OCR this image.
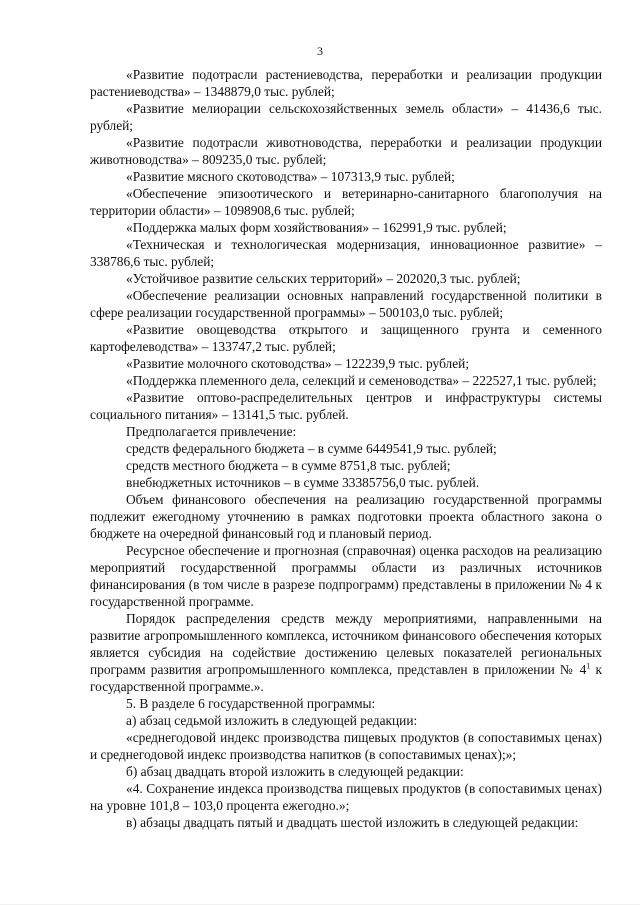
3

«Развитие подотрасли растениеводства, переработки и реализации продукции растениеводства» – 1348879,0 тыс. рублей;

«Развитие мелиорации сельскохозяйственных земель области» – 41436,6 тыс. рублей;

«Развитие подотрасли животноводства, переработки и реализации продукции животноводства» – 809235,0 тыс. рублей;

«Развитие мясного скотоводства» – 107313,9 тыс. рублей;

«Обеспечение эпизоотического и ветеринарно-санитарного благополучия на территории области» – 1098908,6 тыс. рублей;

«Поддержка малых форм хозяйствования» – 162991,9 тыс. рублей;

«Техническая и технологическая модернизация, инновационное развитие» – 338786,6 тыс. рублей;

«Устойчивое развитие сельских территорий» – 202020,3 тыс. рублей;

«Обеспечение реализации основных направлений государственной политики в сфере реализации государственной программы» – 500103,0 тыс. рублей;

«Развитие овощеводства открытого и защищенного грунта и семенного картофелеводства» – 133747,2 тыс. рублей;

«Развитие молочного скотоводства» – 122239,9 тыс. рублей;

«Поддержка племенного дела, селекций и семеноводства» – 222527,1 тыс. рублей;

«Развитие оптово-распределительных центров и инфраструктуры системы социального питания» – 13141,5 тыс. рублей.

Предполагается привлечение:

средств федерального бюджета – в сумме 6449541,9 тыс. рублей;

средств местного бюджета – в сумме 8751,8 тыс. рублей;

внебюджетных источников – в сумме 33385756,0 тыс. рублей.

Объем финансового обеспечения на реализацию государственной программы подлежит ежегодному уточнению в рамках подготовки проекта областного закона о бюджете на очередной финансовый год и плановый период.

Ресурсное обеспечение и прогнозная (справочная) оценка расходов на реализацию мероприятий государственной программы области из различных источников финансирования (в том числе в разрезе подпрограмм) представлены в приложении № 4 к государственной программе.

Порядок распределения средств между мероприятиями, направленными на развитие агропромышленного комплекса, источником финансового обеспечения которых является субсидия на содействие достижению целевых показателей региональных программ развития агропромышленного комплекса, представлен в приложении № $4^1$ к государственной программе.».

5. В разделе 6 государственной программы:

а) абзац седьмой изложить в следующей редакции:

«среднегодовой индекс производства пищевых продуктов (в сопоставимых ценах) и среднегодовой индекс производства напитков (в сопоставимых ценах);»;

б) абзац двадцать второй изложить в следующей редакции:

«4. Сохранение индекса производства пищевых продуктов (в сопоставимых ценах) на уровне 101,8 – 103,0 процента ежегодно.»;

в) абзацы двадцать пятый и двадцать шестой изложить в следующей редакции:
